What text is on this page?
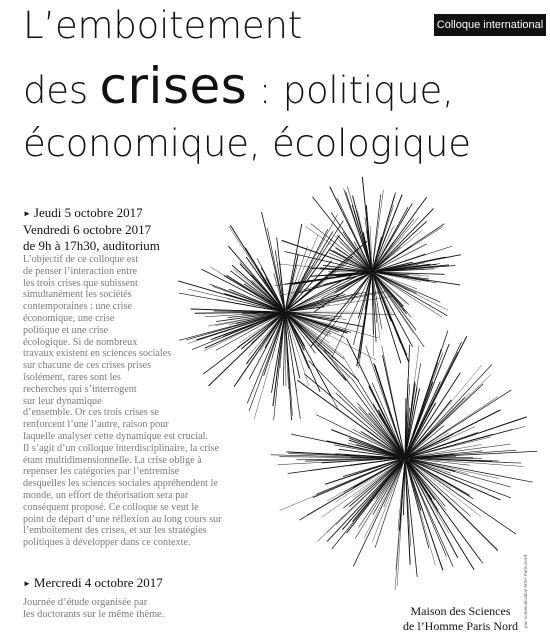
Colloque international
L’emboitement
des crises : politique,
économique, écologique
► Jeudi 5 octobre 2017
Vendredi 6 octobre 2017
de 9h à 17h30, auditorium

L’objectif de ce colloque est
de penser l’interaction entre
les trois crises que subissent
simultanément les sociétés
contemporaines : une crise
économique, une crise
politique et une crise
écologique. Si de nombreux
travaux existent en sciences sociales
sur chacune de ces crises prises
isolément, rares sont les
recherches qui s’interrogent
sur leur dynamique
d’ensemble. Or ces trois crises se
renforcent l’une l’autre, raison pour
laquelle analyser cette dynamique est crucial.
Il s’agit d’un colloque interdisciplinaire, la crise
étant multidimensionnelle. La crise oblige à
repenser les catégories par l’entremise
desquelles les sciences sociales appréhendent le
monde, un effort de théorisation sera par
conséquent proposé. Ce colloque se veut le
point de départ d’une réflexion au long cours sur
l’emboîtement des crises, et sur les stratégies
politiques à développer dans ce contexte.

► Mercredi 4 octobre 2017

Journée d’étude organisée par
les doctorants sur le même thème.	Maison des Sciences
de l’Homme Paris Nord pao-communication MSH Paris Nord
